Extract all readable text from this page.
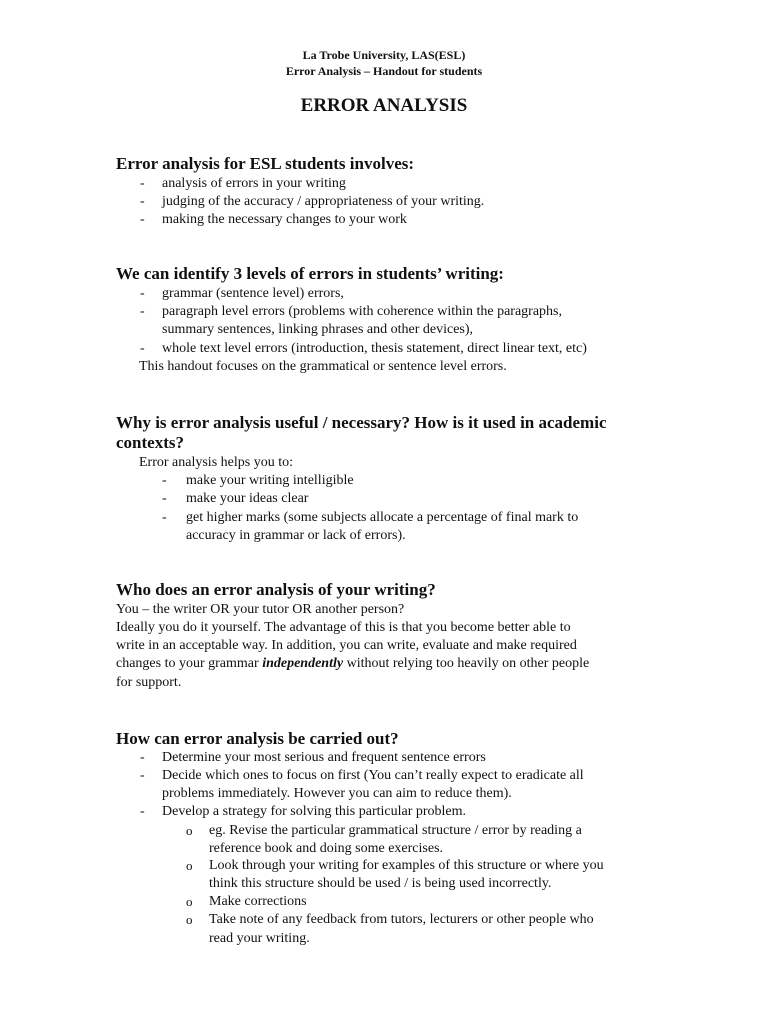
La Trobe University, LAS(ESL)
Error Analysis – Handout for students
ERROR ANALYSIS
Error analysis for ESL students involves:
- analysis of errors in your writing
- judging of the accuracy / appropriateness of your writing.
- making the necessary changes to your work
We can identify 3 levels of errors in students’ writing:
- grammar (sentence level) errors,
- paragraph level errors (problems with coherence within the paragraphs,
summary sentences, linking phrases and other devices),
- whole text level errors (introduction, thesis statement, direct linear text, etc)
This handout focuses on the grammatical or sentence level errors.
Why is error analysis useful / necessary? How is it used in academic
contexts?
Error analysis helps you to:
- make your writing intelligible
- make your ideas clear
- get higher marks (some subjects allocate a percentage of final mark to
accuracy in grammar or lack of errors).
Who does an error analysis of your writing?
You – the writer OR your tutor OR another person?
Ideally you do it yourself. The advantage of this is that you become better able to
write in an acceptable way. In addition, you can write, evaluate and make required
changes to your grammar independently without relying too heavily on other people
for support.
How can error analysis be carried out?
- Determine your most serious and frequent sentence errors
- Decide which ones to focus on first (You can’t really expect to eradicate all
problems immediately. However you can aim to reduce them).
- Develop a strategy for solving this particular problem.
o eg. Revise the particular grammatical structure / error by reading a
reference book and doing some exercises.
o Look through your writing for examples of this structure or where you
think this structure should be used / is being used incorrectly.
o Make corrections
o Take note of any feedback from tutors, lecturers or other people who
read your writing.
